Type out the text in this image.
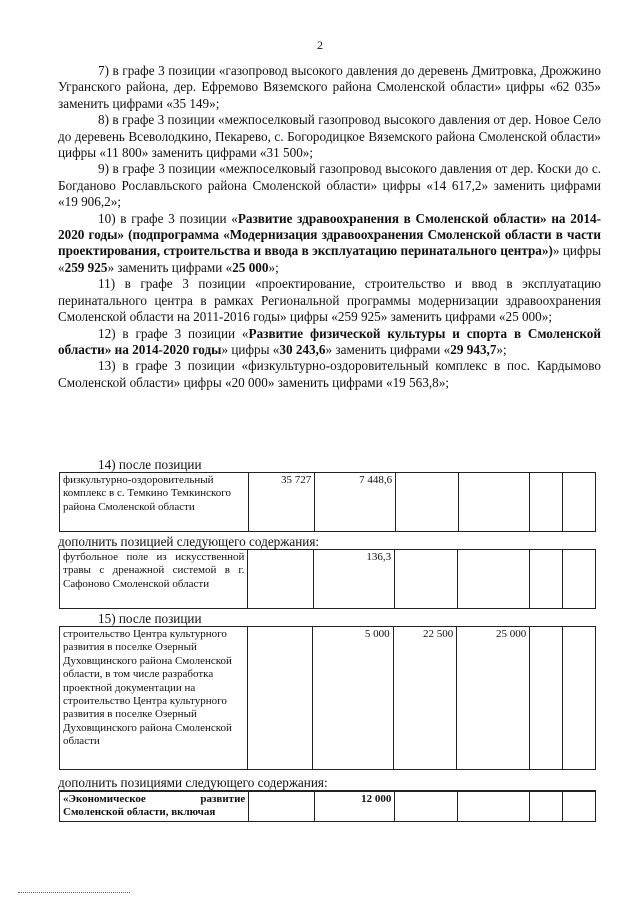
2

7) в графе 3 позиции «газопровод высокого давления до деревень Дмитровка, Дрожжино Угранского района, дер. Ефремово Вяземского района Смоленской области» цифры «62 035» заменить цифрами «35 149»;

8) в графе 3 позиции «межпоселковый газопровод высокого давления от дер. Новое Село до деревень Всеволодкино, Пекарево, с. Богородицкое Вяземского района Смоленской области» цифры «11 800» заменить цифрами «31 500»;

9) в графе 3 позиции «межпоселковый газопровод высокого давления от дер. Коски до с. Богданово Рославльского района Смоленской области» цифры «14 617,2» заменить цифрами «19 906,2»;

10) в графе 3 позиции «Развитие здравоохранения в Смоленской области» на 2014-2020 годы» (подпрограмма «Модернизация здравоохранения Смоленской области в части проектирования, строительства и ввода в эксплуатацию перинатального центра»)» цифры «259 925» заменить цифрами «25 000»;

11) в графе 3 позиции «проектирование, строительство и ввод в эксплуатацию перинатального центра в рамках Региональной программы модернизации здравоохранения Смоленской области на 2011-2016 годы» цифры «259 925» заменить цифрами «25 000»;

12) в графе 3 позиции «Развитие физической культуры и спорта в Смоленской области» на 2014-2020 годы» цифры «30 243,6» заменить цифрами «29 943,7»;

13) в графе 3 позиции «физкультурно-оздоровительный комплекс в пос. Кардымово Смоленской области» цифры «20 000» заменить цифрами «19 563,8»;

14) после позиции
физкультурно-оздоровительный комплекс в с. Темкино Темкинского района Смоленской области	35 727	7 448,6				
дополнить позицией следующего содержания:
футбольное поле из искусственной травы с дренажной системой в г. Сафоново Смоленской области		136,3				
15) после позиции
строительство Центра культурного развития в поселке Озерный Духовщинского района Смоленской области, в том числе разработка проектной документации на строительство Центра культурного развития в поселке Озерный Духовщинского района Смоленской области		5 000	22 500	25 000		
дополнить позициями следующего содержания:
«Экономическое развитие Смоленской области, включая		12 000				
